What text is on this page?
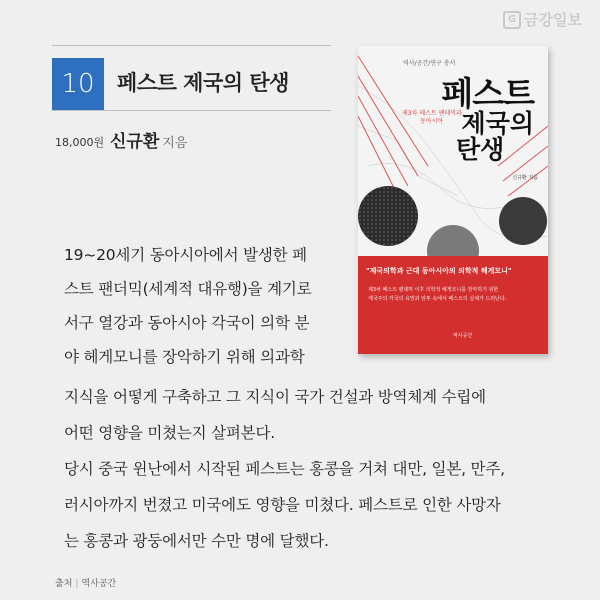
G 금강일보
10	페스트 제국의 탄생
18,000원 신규환 지음
역사/공간/연구 총서
페스트
제국의
탄생
제3차 페스트 팬데믹과
동아시아
신규환 지음
"제국의학과 근대 동아시아의 의학적 헤게모니"
제3차 페스트 팬데믹 이후 의학적 헤게모니를 장악하기 위한
제국주의 각국의 욕망과 암투 속에서 페스트의 실체가 드러난다.
역사공간
19~20세기 동아시아에서 발생한 페
스트 팬더믹(세계적 대유행)을 계기로
서구 열강과 동아시아 각국이 의학 분
야 헤게모니를 장악하기 위해 의과학
지식을 어떻게 구축하고 그 지식이 국가 건설과 방역체계 수립에
어떤 영향을 미쳤는지 살펴본다.
당시 중국 윈난에서 시작된 페스트는 홍콩을 거쳐 대만, 일본, 만주,
러시아까지 번졌고 미국에도 영향을 미쳤다. 페스트로 인한 사망자
는 홍콩과 광둥에서만 수만 명에 달했다.
출처 | 역사공간
